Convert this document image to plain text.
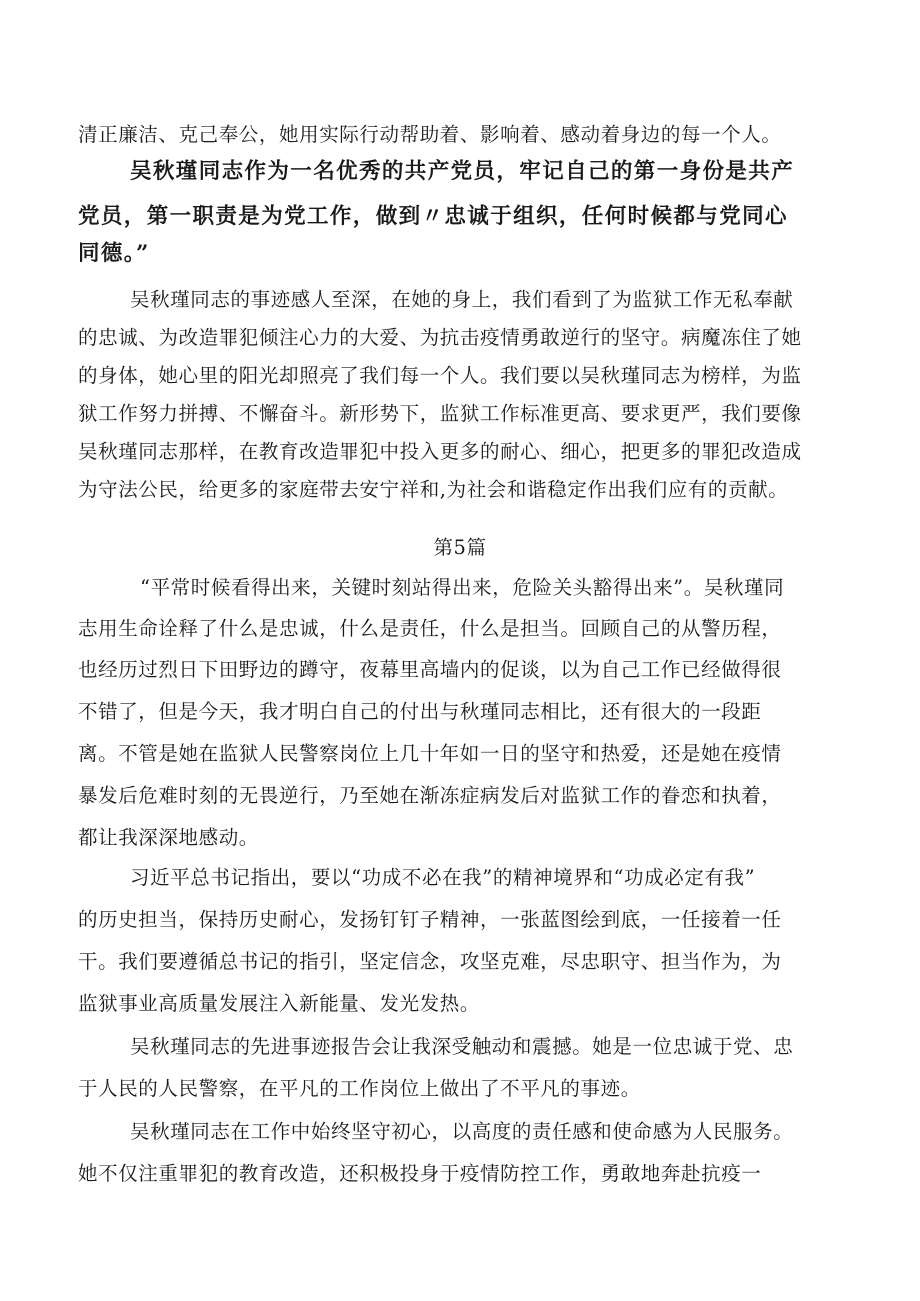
清正廉洁、克己奉公，她用实际行动帮助着、影响着、感动着身边的每一个人。
吴秋瑾同志作为一名优秀的共产党员，牢记自己的第一身份是共产
党员，第一职责是为党工作，做到〃忠诚于组织，任何时候都与党同心
同德。”
吴秋瑾同志的事迹感人至深，在她的身上，我们看到了为监狱工作无私奉献
的忠诚、为改造罪犯倾注心力的大爱、为抗击疫情勇敢逆行的坚守。病魔冻住了她
的身体，她心里的阳光却照亮了我们每一个人。我们要以吴秋瑾同志为榜样，为监
狱工作努力拼搏、不懈奋斗。新形势下，监狱工作标准更高、要求更严，我们要像
吴秋瑾同志那样，在教育改造罪犯中投入更多的耐心、细心，把更多的罪犯改造成
为守法公民，给更多的家庭带去安宁祥和,为社会和谐稳定作出我们应有的贡献。
第5篇
“平常时候看得出来，关键时刻站得出来，危险关头豁得出来”。吴秋瑾同
志用生命诠释了什么是忠诚，什么是责任，什么是担当。回顾自己的从警历程，
也经历过烈日下田野边的蹲守，夜幕里高墙内的促谈，以为自己工作已经做得很
不错了，但是今天，我才明白自己的付出与秋瑾同志相比，还有很大的一段距
离。不管是她在监狱人民警察岗位上几十年如一日的坚守和热爱，还是她在疫情
暴发后危难时刻的无畏逆行，乃至她在渐冻症病发后对监狱工作的眷恋和执着，
都让我深深地感动。
习近平总书记指出，要以“功成不必在我”的精神境界和“功成必定有我”
的历史担当，保持历史耐心，发扬钉钉子精神，一张蓝图绘到底，一任接着一任
干。我们要遵循总书记的指引，坚定信念，攻坚克难，尽忠职守、担当作为，为
监狱事业高质量发展注入新能量、发光发热。
吴秋瑾同志的先进事迹报告会让我深受触动和震撼。她是一位忠诚于党、忠
于人民的人民警察，在平凡的工作岗位上做出了不平凡的事迹。
吴秋瑾同志在工作中始终坚守初心，以高度的责任感和使命感为人民服务。
她不仅注重罪犯的教育改造，还积极投身于疫情防控工作，勇敢地奔赴抗疫一
